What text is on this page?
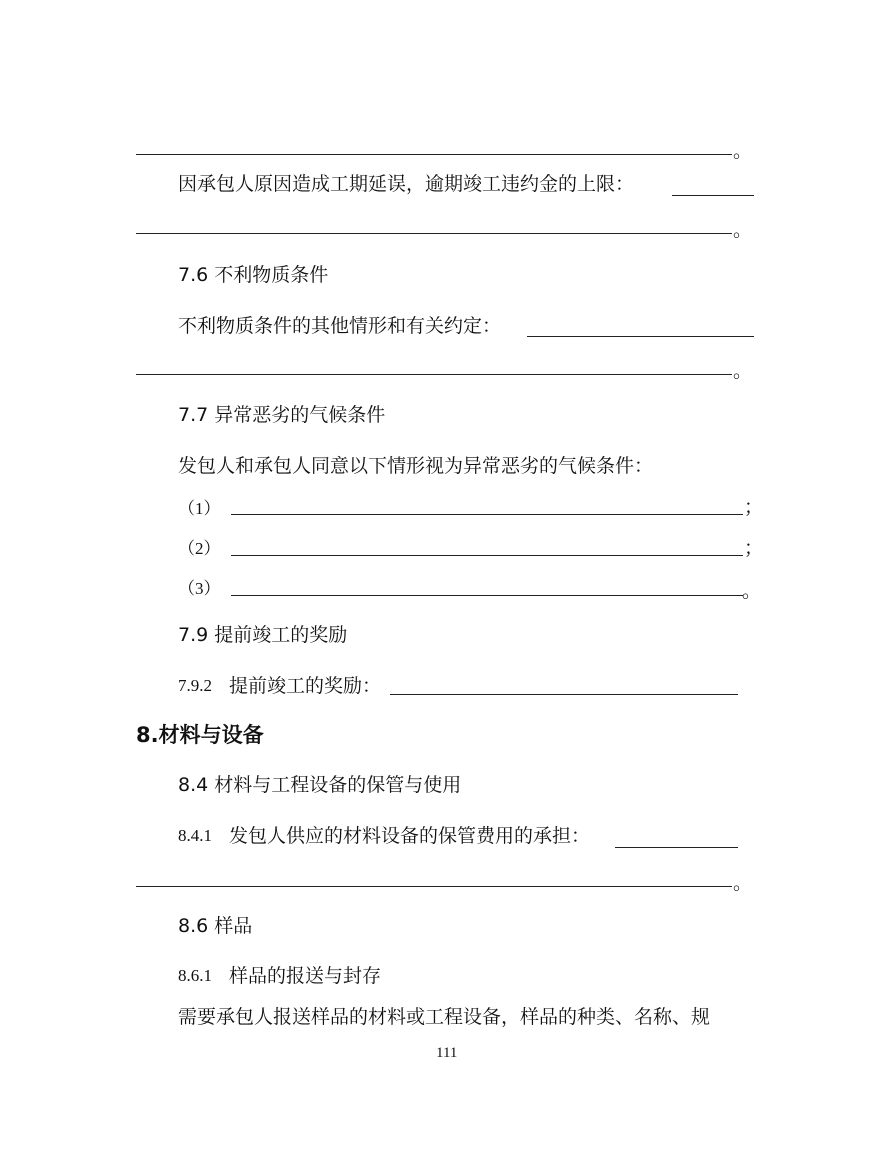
。
因承包人原因造成工期延误，逾期竣工违约金的上限：
。
7.6 不利物质条件
不利物质条件的其他情形和有关约定：
。
7.7 异常恶劣的气候条件
发包人和承包人同意以下情形视为异常恶劣的气候条件：
（1）	；
（2）	；
（3）	。
7.9 提前竣工的奖励
7.9.2 提前竣工的奖励：
8.材料与设备
8.4 材料与工程设备的保管与使用
8.4.1 发包人供应的材料设备的保管费用的承担：
。
8.6 样品
8.6.1 样品的报送与封存
需要承包人报送样品的材料或工程设备，样品的种类、名称、规
111
